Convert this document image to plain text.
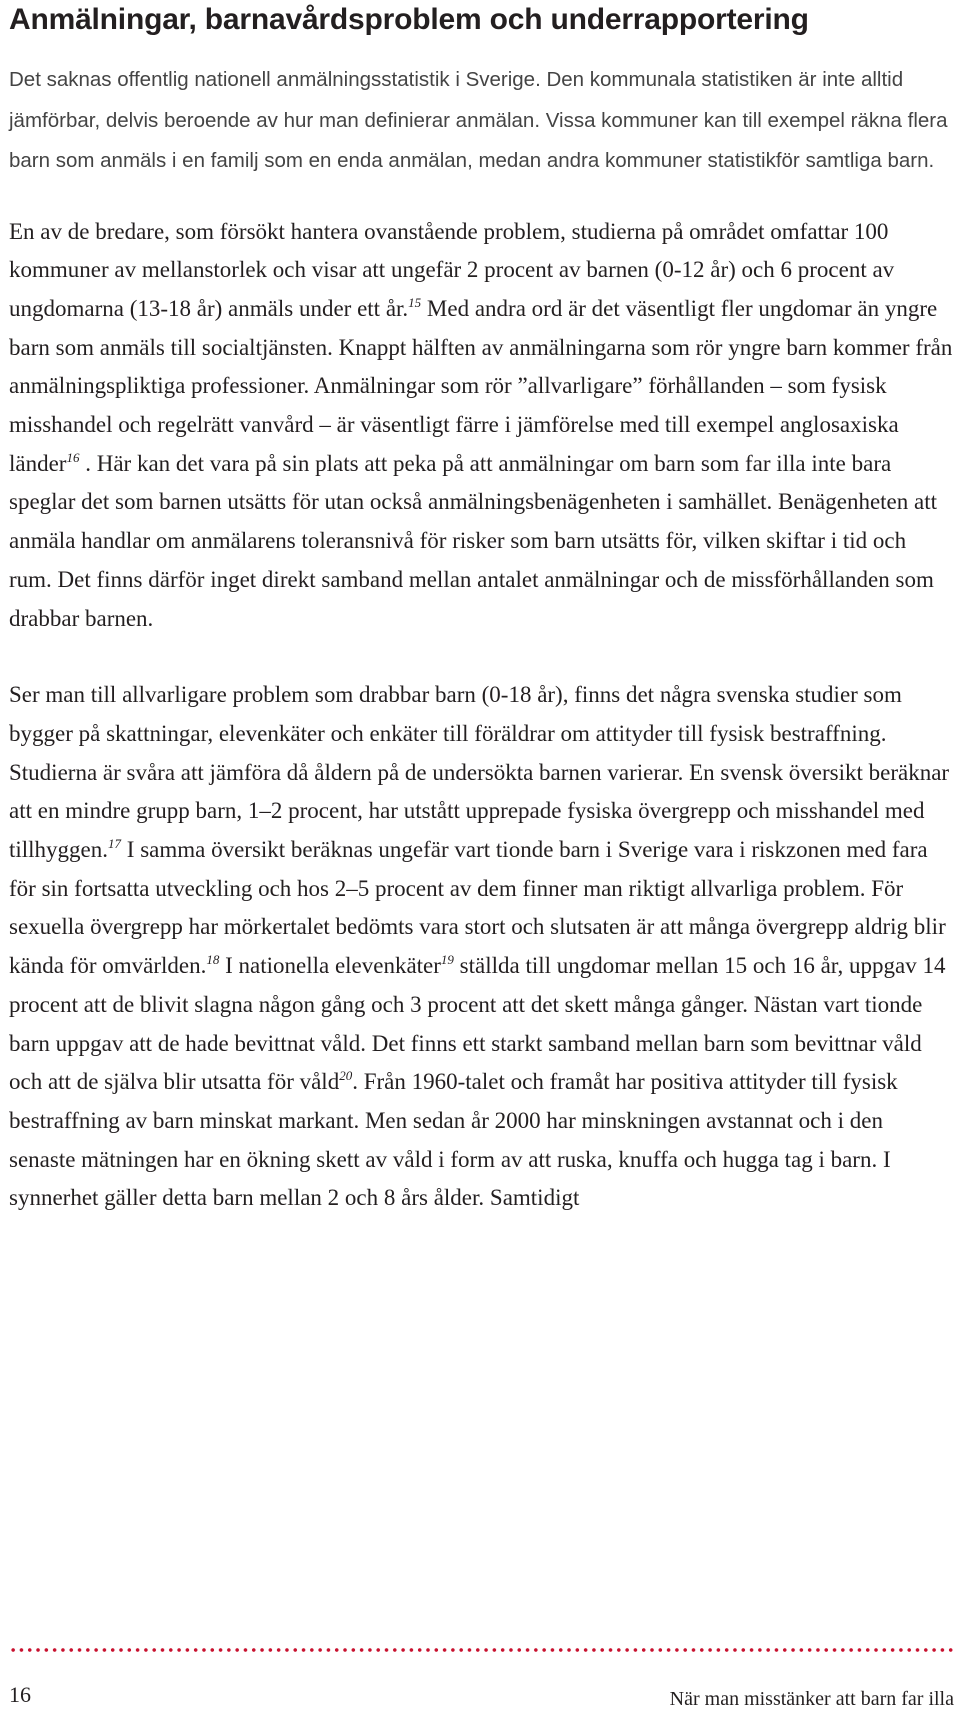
Anmälningar, barnavårdsproblem och underrapportering

Det saknas offentlig nationell anmälningsstatistik i Sverige. Den kommunala statistiken är inte alltid jämförbar, delvis beroende av hur man definierar anmälan. Vissa kommuner kan till exempel räkna flera barn som anmäls i en familj som en enda anmälan, medan andra kommuner statistikför samtliga barn.

En av de bredare, som försökt hantera ovanstående problem, studierna på området omfattar 100 kommuner av mellanstorlek och visar att ungefär 2 procent av barnen (0-12 år) och 6 procent av ungdomarna (13-18 år) anmäls under ett år.$^{15}$ Med andra ord är det väsentligt fler ungdomar än yngre barn som anmäls till socialtjänsten. Knappt hälften av anmälningarna som rör yngre barn kommer från anmälningspliktiga professioner. Anmälningar som rör ”allvarligare” förhållanden – som fysisk misshandel och regelrätt vanvård – är väsentligt färre i jämförelse med till exempel anglosaxiska länder$^{16}$ . Här kan det vara på sin plats att peka på att anmälningar om barn som far illa inte bara speglar det som barnen utsätts för utan också anmälningsbenägenheten i samhället. Benägenheten att anmäla handlar om anmälarens toleransnivå för risker som barn utsätts för, vilken skiftar i tid och rum. Det finns därför inget direkt samband mellan antalet anmälningar och de missförhållanden som drabbar barnen.

Ser man till allvarligare problem som drabbar barn (0-18 år), finns det några svenska studier som bygger på skattningar, elevenkäter och enkäter till föräldrar om attityder till fysisk bestraffning. Studierna är svåra att jämföra då åldern på de undersökta barnen varierar. En svensk översikt beräknar att en mindre grupp barn, 1–2 procent, har utstått upprepade fysiska övergrepp och misshandel med tillhyggen.$^{17}$ I samma översikt beräknas ungefär vart tionde barn i Sverige vara i riskzonen med fara för sin fortsatta utveckling och hos 2–5 procent av dem finner man riktigt allvarliga problem. För sexuella övergrepp har mörkertalet bedömts vara stort och slutsaten är att många övergrepp aldrig blir kända för omvärlden.$^{18}$ I nationella elevenkäter$^{19}$ ställda till ungdomar mellan 15 och 16 år, uppgav 14 procent att de blivit slagna någon gång och 3 procent att det skett många gånger. Nästan vart tionde barn uppgav att de hade bevittnat våld. Det finns ett starkt samband mellan barn som bevittnar våld och att de själva blir utsatta för våld$^{20}$. Från 1960-talet och framåt har positiva attityder till fysisk bestraffning av barn minskat markant. Men sedan år 2000 har minskningen avstannat och i den senaste mätningen har en ökning skett av våld i form av att ruska, knuffa och hugga tag i barn. I synnerhet gäller detta barn mellan 2 och 8 års ålder. Samtidigt

16	När man misstänker att barn far illa
